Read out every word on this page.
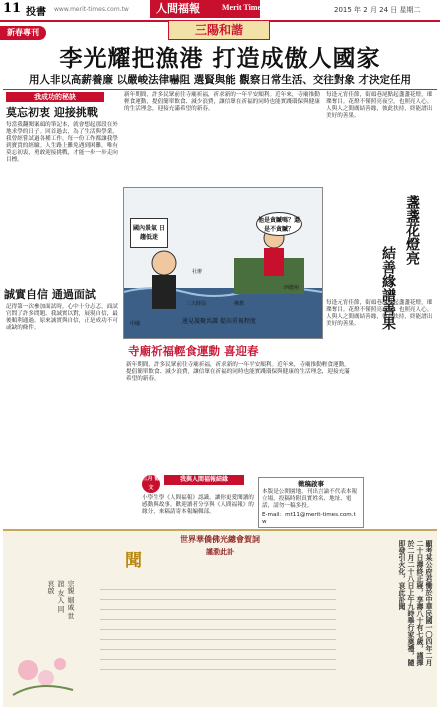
11 投書 www.merit-times.com.tw	人間福報	Merit Times	2015 年 2 月 24 日 星期二
新春專刊	三陽和諧
李光耀把漁港 打造成傲人國家
用人非以高薪養廉 以嚴峻法律嚇阻 選賢與能 觀察日常生活、交往對象 才決定任用
我成功的秘訣
莫忘初衷 迎接挑戰

每當我翻閱案頭的筆記本，就會想起那段在外地求學的日子。回首過去，為了生活與學業，我曾經嘗試過各種工作，每一份工作都讓我學到寶貴的經驗。人生路上難免遇到困難，唯有莫忘初衷，勇敢迎接挑戰，才能一步一步走向目標。

誠實自信 通過面試

記得第一次參加面試時，心中十分忐忑。面試官問了許多問題，我誠實以對，展現自信，最後順利通過。原來誠實與自信，正是成功不可或缺的條件。

新年期間，許多民眾前往寺廟祈福，祈求新的一年平安順利。近年來，寺廟推動輕食運動，提倡簡單飲食、減少浪費，讓信眾在祈福的同時也能實踐環保與健康的生活理念，迎接充滿希望的新春。

國內景氣 日趨低迷
他是貪贓嗎？還是不貪贓？
社辦
中國
西德州
佛教
三大時局
遠見凝聚共識 提高重視程度
寺廟祈福輕食運動 喜迎春

新年期間，許多民眾前往寺廟祈福，祈求新的一年平安順利。近年來，寺廟推動輕食運動，提倡簡單飲食、減少浪費，讓信眾在祈福的同時也能實踐環保與健康的生活理念，迎接充滿希望的新春。

每逢元宵佳節，街頭巷尾點起盞盞花燈，璀璨奪目。花燈不僅照亮夜空，也照亮人心。人與人之間廣結善緣，彼此扶持，終能譜出美好的善果。

盞盞花燈亮
結善緣譜善果

每逢元宵佳節，街頭巷尾點起盞盞花燈，璀璨奪目。花燈不僅照亮夜空，也照亮人心。人與人之間廣結善緣，彼此扶持，終能譜出美好的善果。

三月 徵文
我與人間福報結緣

小學生學《人間福報》認識，讓你更愛閱讀的感動與故事。歡迎讀者分享與《人間福報》的緣分，來稿請寄本報編輯部。

徵稿啟事

本版是公開園地，刊出言論不代表本報立場。投稿時附真實姓名、地址、電話，請勿一稿多投。

E-mail：mt11@merit-times.com.tw

世界華僑佛光總會賀詞
謹泐此訃
聞	顯考某公府君慟於中華民國一〇四年二月二十日壽終正寢，享壽八十有七歲，謹擇於二月二十八日上午九時舉行家奠禮，隨即發引火化，哀此訃聞
宗親 姻戚 世誼 友人 同 哀啟
